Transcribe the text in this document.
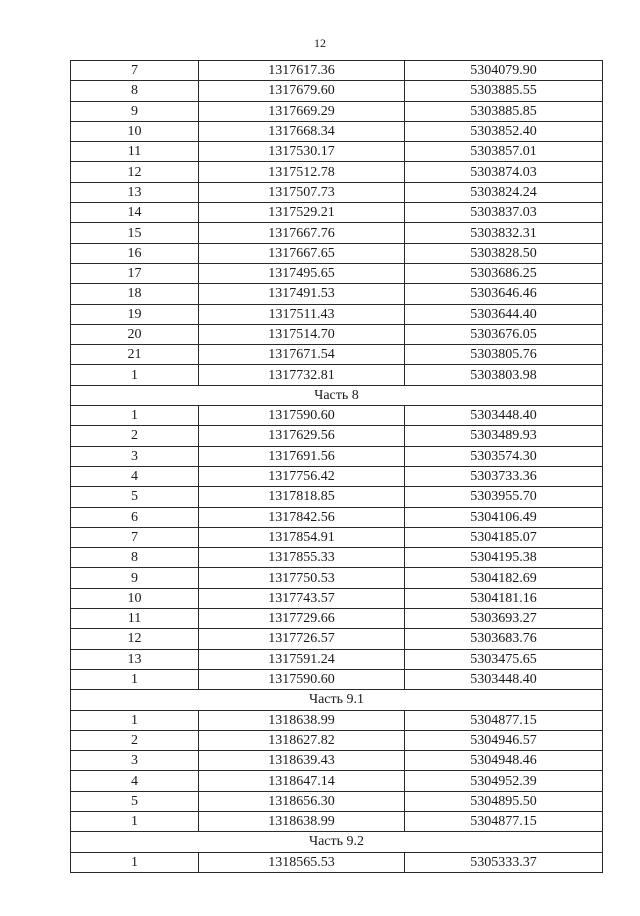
12
7	1317617.36	5304079.90
8	1317679.60	5303885.55
9	1317669.29	5303885.85
10	1317668.34	5303852.40
11	1317530.17	5303857.01
12	1317512.78	5303874.03
13	1317507.73	5303824.24
14	1317529.21	5303837.03
15	1317667.76	5303832.31
16	1317667.65	5303828.50
17	1317495.65	5303686.25
18	1317491.53	5303646.46
19	1317511.43	5303644.40
20	1317514.70	5303676.05
21	1317671.54	5303805.76
1	1317732.81	5303803.98
Часть 8		
1	1317590.60	5303448.40
2	1317629.56	5303489.93
3	1317691.56	5303574.30
4	1317756.42	5303733.36
5	1317818.85	5303955.70
6	1317842.56	5304106.49
7	1317854.91	5304185.07
8	1317855.33	5304195.38
9	1317750.53	5304182.69
10	1317743.57	5304181.16
11	1317729.66	5303693.27
12	1317726.57	5303683.76
13	1317591.24	5303475.65
1	1317590.60	5303448.40
Часть 9.1		
1	1318638.99	5304877.15
2	1318627.82	5304946.57
3	1318639.43	5304948.46
4	1318647.14	5304952.39
5	1318656.30	5304895.50
1	1318638.99	5304877.15
Часть 9.2		
1	1318565.53	5305333.37
